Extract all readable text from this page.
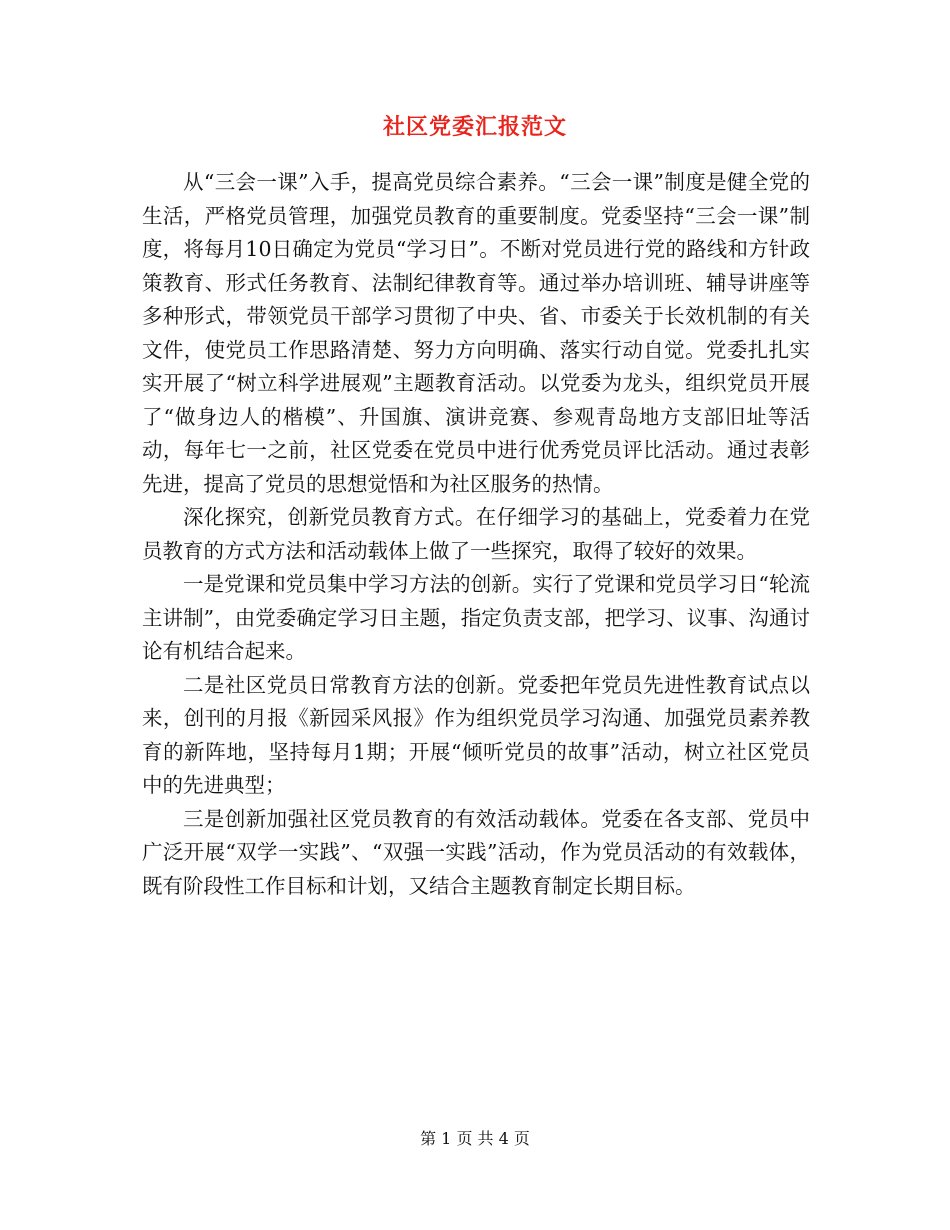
社区党委汇报范文

从“三会一课”入手，提高党员综合素养。“三会一课”制度是健全党的生活，严格党员管理，加强党员教育的重要制度。党委坚持“三会一课”制度，将每月10日确定为党员“学习日”。不断对党员进行党的路线和方针政策教育、形式任务教育、法制纪律教育等。通过举办培训班、辅导讲座等多种形式，带领党员干部学习贯彻了中央、省、市委关于长效机制的有关文件，使党员工作思路清楚、努力方向明确、落实行动自觉。党委扎扎实实开展了“树立科学进展观”主题教育活动。以党委为龙头，组织党员开展了“做身边人的楷模”、升国旗、演讲竞赛、参观青岛地方支部旧址等活动，每年七一之前，社区党委在党员中进行优秀党员评比活动。通过表彰先进，提高了党员的思想觉悟和为社区服务的热情。

深化探究，创新党员教育方式。在仔细学习的基础上，党委着力在党员教育的方式方法和活动载体上做了一些探究，取得了较好的效果。

一是党课和党员集中学习方法的创新。实行了党课和党员学习日“轮流主讲制”，由党委确定学习日主题，指定负责支部，把学习、议事、沟通讨论有机结合起来。

二是社区党员日常教育方法的创新。党委把年党员先进性教育试点以来，创刊的月报《新园采风报》作为组织党员学习沟通、加强党员素养教育的新阵地，坚持每月1期；开展“倾听党员的故事”活动，树立社区党员中的先进典型；

三是创新加强社区党员教育的有效活动载体。党委在各支部、党员中广泛开展“双学一实践”、“双强一实践”活动，作为党员活动的有效载体，既有阶段性工作目标和计划，又结合主题教育制定长期目标。

第 1 页 共 4 页
